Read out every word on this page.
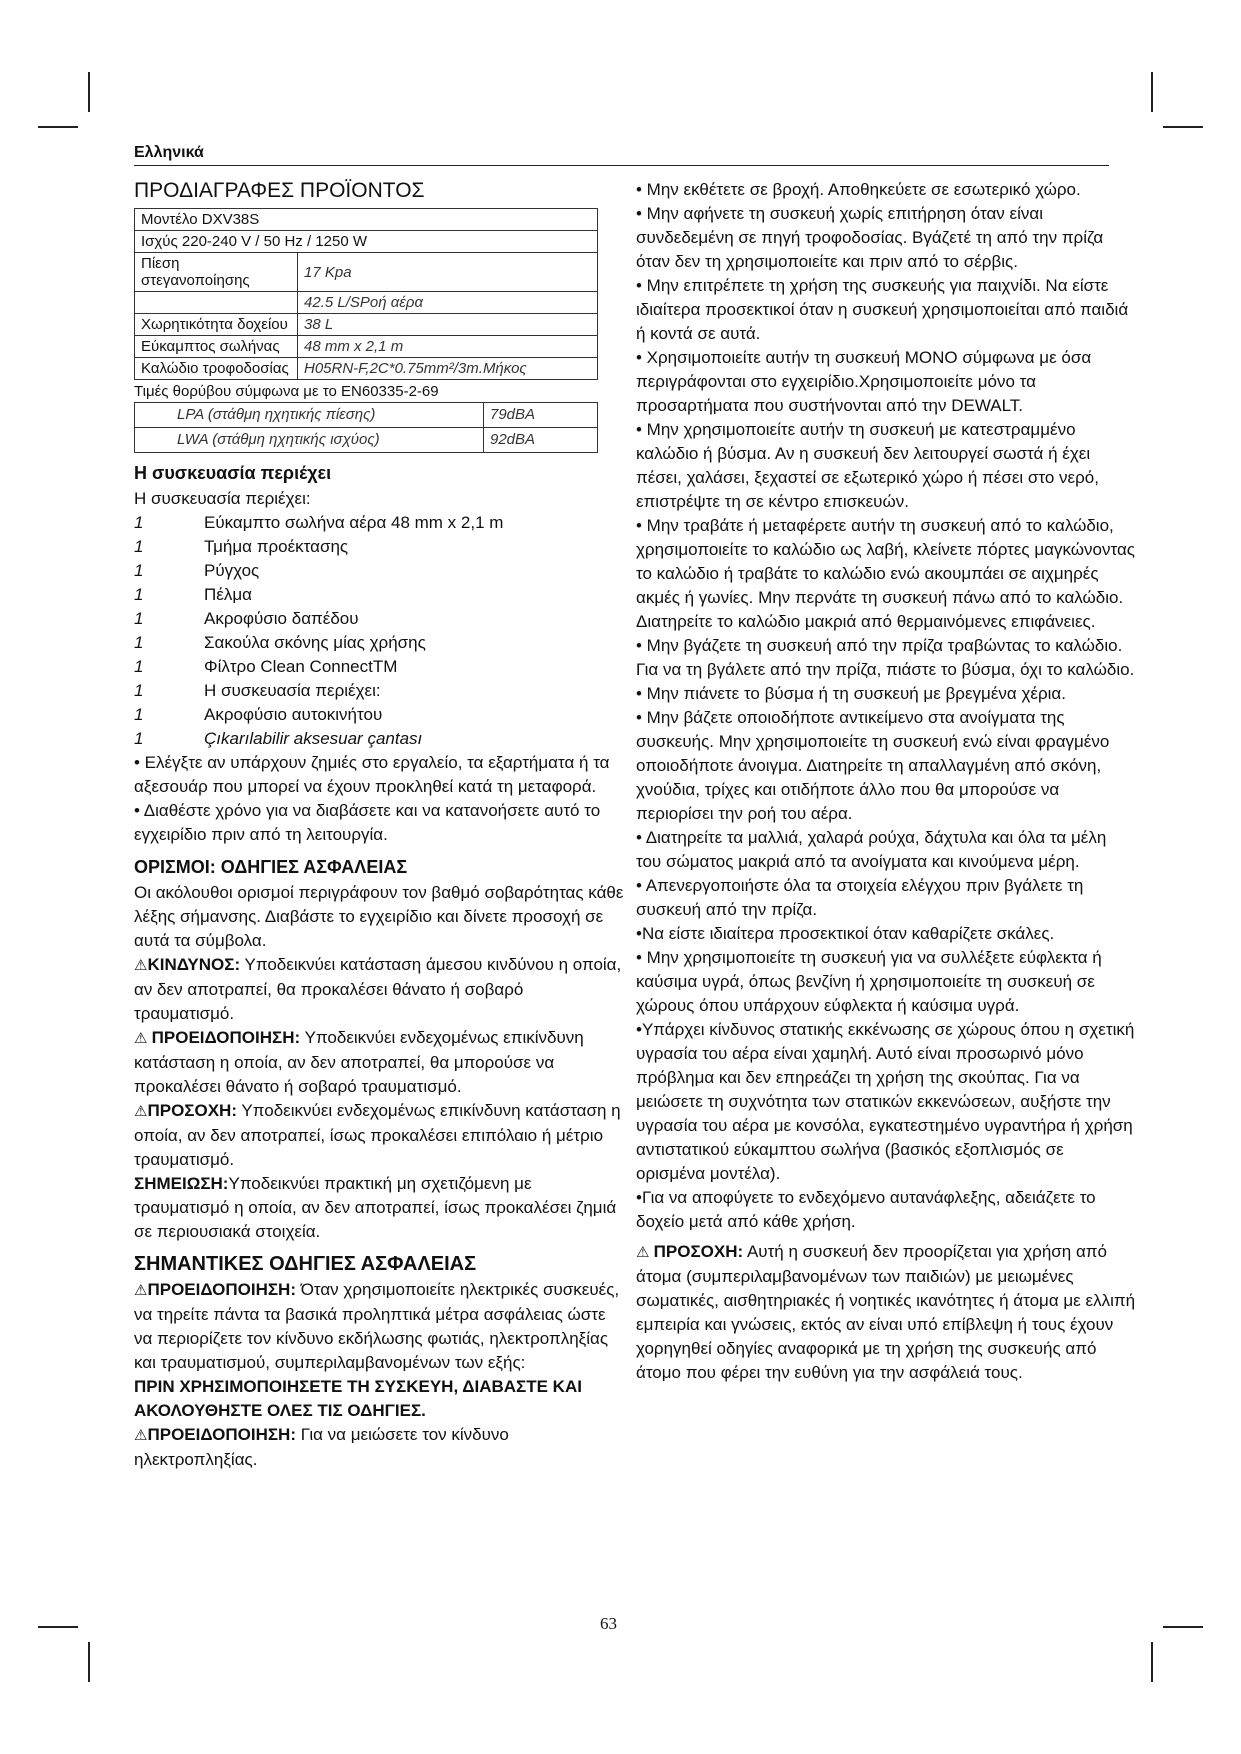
Ελληνικά
ΠΡΟΔΙΑΓΡΑΦΕΣ ΠΡΟΪΟΝΤΟΣ
Μοντέλο DXV38S	
Ισχύς 220-240 V / 50 Hz / 1250 W	
Πίεση στεγανοποίησης	17 Kpa
	42.5 L/SΡοή αέρα
Χωρητικότητα δοχείου	38 L
Εύκαμπτος σωλήνας	48 mm x 2,1 m
Καλώδιο τροφοδοσίας	H05RN-F,2C*0.75mm²/3m.Μήκος
Τιμές θορύβου σύμφωνα με το EN60335-2-69
LPA (στάθμη ηχητικής πίεσης)	79dBA
LWA (στάθμη ηχητικής ισχύος)	92dBA
Η συσκευασία περιέχει

Η συσκευασία περιέχει:

1	Εύκαμπτο σωλήνα αέρα 48 mm x 2,1 m
1	Τμήμα προέκτασης
1	Ρύγχος
1	Πέλμα
1	Ακροφύσιο δαπέδου
1	Σακούλα σκόνης μίας χρήσης
1	Φίλτρο Clean ConnectTM
1	Η συσκευασία περιέχει:
1	Ακροφύσιο αυτοκινήτου
1	Çıkarılabilir aksesuar çantası

• Ελέγξτε αν υπάρχουν ζημιές στο εργαλείο, τα εξαρτήματα ή τα αξεσουάρ που μπορεί να έχουν προκληθεί κατά τη μεταφορά.

• Διαθέστε χρόνο για να διαβάσετε και να κατανοήσετε αυτό το εγχειρίδιο πριν από τη λειτουργία.

ΟΡΙΣΜΟΙ: ΟΔΗΓΙΕΣ ΑΣΦΑΛΕΙΑΣ

Οι ακόλουθοι ορισμοί περιγράφουν τον βαθμό σοβαρότητας κάθε λέξης σήμανσης. Διαβάστε το εγχειρίδιο και δίνετε προσοχή σε αυτά τα σύμβολα.

⚠ΚΙΝΔΥΝΟΣ: Υποδεικνύει κατάσταση άμεσου κινδύνου η οποία, αν δεν αποτραπεί, θα προκαλέσει θάνατο ή σοβαρό τραυματισμό.

⚠ ΠΡΟΕΙΔΟΠΟΙΗΣΗ: Υποδεικνύει ενδεχομένως επικίνδυνη κατάσταση η οποία, αν δεν αποτραπεί, θα μπορούσε να προκαλέσει θάνατο ή σοβαρό τραυματισμό.

⚠ΠΡΟΣΟΧΗ: Υποδεικνύει ενδεχομένως επικίνδυνη κατάσταση η οποία, αν δεν αποτραπεί, ίσως προκαλέσει επιπόλαιο ή μέτριο τραυματισμό.

ΣΗΜΕΙΩΣΗ:Υποδεικνύει πρακτική μη σχετιζόμενη με τραυματισμό η οποία, αν δεν αποτραπεί, ίσως προκαλέσει ζημιά σε περιουσιακά στοιχεία.

ΣΗΜΑΝΤΙΚΕΣ ΟΔΗΓΙΕΣ ΑΣΦΑΛΕΙΑΣ

⚠ΠΡΟΕΙΔΟΠΟΙΗΣΗ: Όταν χρησιμοποιείτε ηλεκτρικές συσκευές, να τηρείτε πάντα τα βασικά προληπτικά μέτρα ασφάλειας ώστε να περιορίζετε τον κίνδυνο εκδήλωσης φωτιάς, ηλεκτροπληξίας και τραυματισμού, συμπεριλαμβανομένων των εξής:

ΠΡΙΝ ΧΡΗΣΙΜΟΠΟΙΗΣΕΤΕ ΤΗ ΣΥΣΚΕΥΗ, ΔΙΑΒΑΣΤΕ ΚΑΙ ΑΚΟΛΟΥΘΗΣΤΕ ΟΛΕΣ ΤΙΣ ΟΔΗΓΙΕΣ.

⚠ΠΡΟΕΙΔΟΠΟΙΗΣΗ: Για να μειώσετε τον κίνδυνο ηλεκτροπληξίας.

• Μην εκθέτετε σε βροχή. Αποθηκεύετε σε εσωτερικό χώρο.

• Μην αφήνετε τη συσκευή χωρίς επιτήρηση όταν είναι συνδεδεμένη σε πηγή τροφοδοσίας. Βγάζετέ τη από την πρίζα όταν δεν τη χρησιμοποιείτε και πριν από το σέρβις.

• Μην επιτρέπετε τη χρήση της συσκευής για παιχνίδι. Να είστε ιδιαίτερα προσεκτικοί όταν η συσκευή χρησιμοποιείται από παιδιά ή κοντά σε αυτά.

• Χρησιμοποιείτε αυτήν τη συσκευή ΜΟΝΟ σύμφωνα με όσα περιγράφονται στο εγχειρίδιο.Χρησιμοποιείτε μόνο τα προσαρτήματα που συστήνονται από την DEWALT.

• Μην χρησιμοποιείτε αυτήν τη συσκευή με κατεστραμμένο καλώδιο ή βύσμα. Αν η συσκευή δεν λειτουργεί σωστά ή έχει πέσει, χαλάσει, ξεχαστεί σε εξωτερικό χώρο ή πέσει στο νερό, επιστρέψτε τη σε κέντρο επισκευών.

• Μην τραβάτε ή μεταφέρετε αυτήν τη συσκευή από το καλώδιο, χρησιμοποιείτε το καλώδιο ως λαβή, κλείνετε πόρτες μαγκώνοντας το καλώδιο ή τραβάτε το καλώδιο ενώ ακουμπάει σε αιχμηρές ακμές ή γωνίες. Μην περνάτε τη συσκευή πάνω από το καλώδιο. Διατηρείτε το καλώδιο μακριά από θερμαινόμενες επιφάνειες.

• Μην βγάζετε τη συσκευή από την πρίζα τραβώντας το καλώδιο. Για να τη βγάλετε από την πρίζα, πιάστε το βύσμα, όχι το καλώδιο.

• Μην πιάνετε το βύσμα ή τη συσκευή με βρεγμένα χέρια.

• Μην βάζετε οποιοδήποτε αντικείμενο στα ανοίγματα της συσκευής. Μην χρησιμοποιείτε τη συσκευή ενώ είναι φραγμένο οποιοδήποτε άνοιγμα. Διατηρείτε τη απαλλαγμένη από σκόνη, χνούδια, τρίχες και οτιδήποτε άλλο που θα μπορούσε να περιορίσει την ροή του αέρα.

• Διατηρείτε τα μαλλιά, χαλαρά ρούχα, δάχτυλα και όλα τα μέλη του σώματος μακριά από τα ανοίγματα και κινούμενα μέρη.

• Απενεργοποιήστε όλα τα στοιχεία ελέγχου πριν βγάλετε τη συσκευή από την πρίζα.

•Να είστε ιδιαίτερα προσεκτικοί όταν καθαρίζετε σκάλες.

• Μην χρησιμοποιείτε τη συσκευή για να συλλέξετε εύφλεκτα ή καύσιμα υγρά, όπως βενζίνη ή χρησιμοποιείτε τη συσκευή σε χώρους όπου υπάρχουν εύφλεκτα ή καύσιμα υγρά.

•Υπάρχει κίνδυνος στατικής εκκένωσης σε χώρους όπου η σχετική υγρασία του αέρα είναι χαμηλή. Αυτό είναι προσωρινό μόνο πρόβλημα και δεν επηρεάζει τη χρήση της σκούπας. Για να μειώσετε τη συχνότητα των στατικών εκκενώσεων, αυξήστε την υγρασία του αέρα με κονσόλα, εγκατεστημένο υγραντήρα ή χρήση αντιστατικού εύκαμπτου σωλήνα (βασικός εξοπλισμός σε ορισμένα μοντέλα).

•Για να αποφύγετε το ενδεχόμενο αυτανάφλεξης, αδειάζετε το δοχείο μετά από κάθε χρήση.

⚠ ΠΡΟΣΟΧΗ: Αυτή η συσκευή δεν προορίζεται για χρήση από άτομα (συμπεριλαμβανομένων των παιδιών) με μειωμένες σωματικές, αισθητηριακές ή νοητικές ικανότητες ή άτομα με ελλιπή εμπειρία και γνώσεις, εκτός αν είναι υπό επίβλεψη ή τους έχουν χορηγηθεί οδηγίες αναφορικά με τη χρήση της συσκευής από άτομο που φέρει την ευθύνη για την ασφάλειά τους.

63
